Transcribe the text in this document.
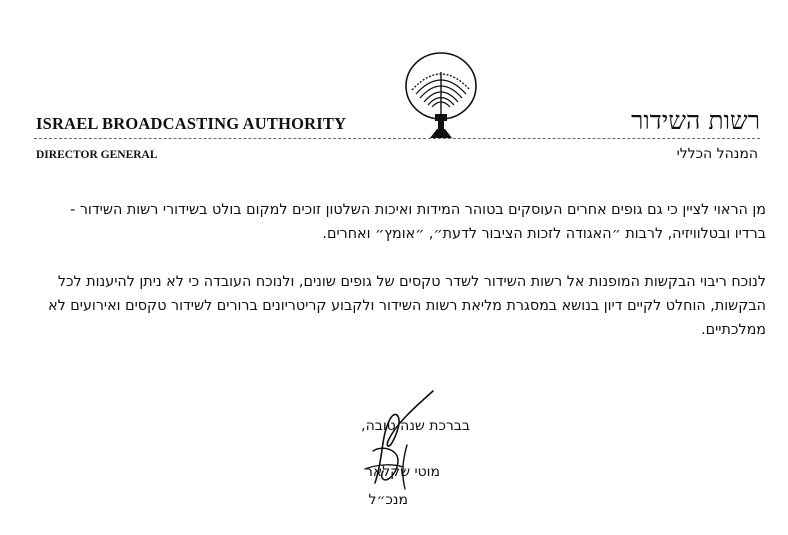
ISRAEL BROADCASTING AUTHORITY	רשות השידור
DIRECTOR GENERAL	המנהל הכללי

מן הראוי לציין כי גם גופים אחרים העוסקים בטוהר המידות ואיכות השלטון זוכים למקום בולט בשידורי רשות השידור - ברדיו ובטלוויזיה, לרבות ״האגודה לזכות הציבור לדעת״, ״אומץ״ ואחרים.

לנוכח ריבוי הבקשות המופנות אל רשות השידור לשדר טקסים של גופים שונים, ולנוכח העובדה כי לא ניתן להיענות לכל הבקשות, הוחלט לקיים דיון בנושא במסגרת מליאת רשות השידור ולקבוע קריטריונים ברורים לשידור טקסים ואירועים לא ממלכתיים.

בברכת שנה טובה,
מוטי שקלאר
מנכ״ל
